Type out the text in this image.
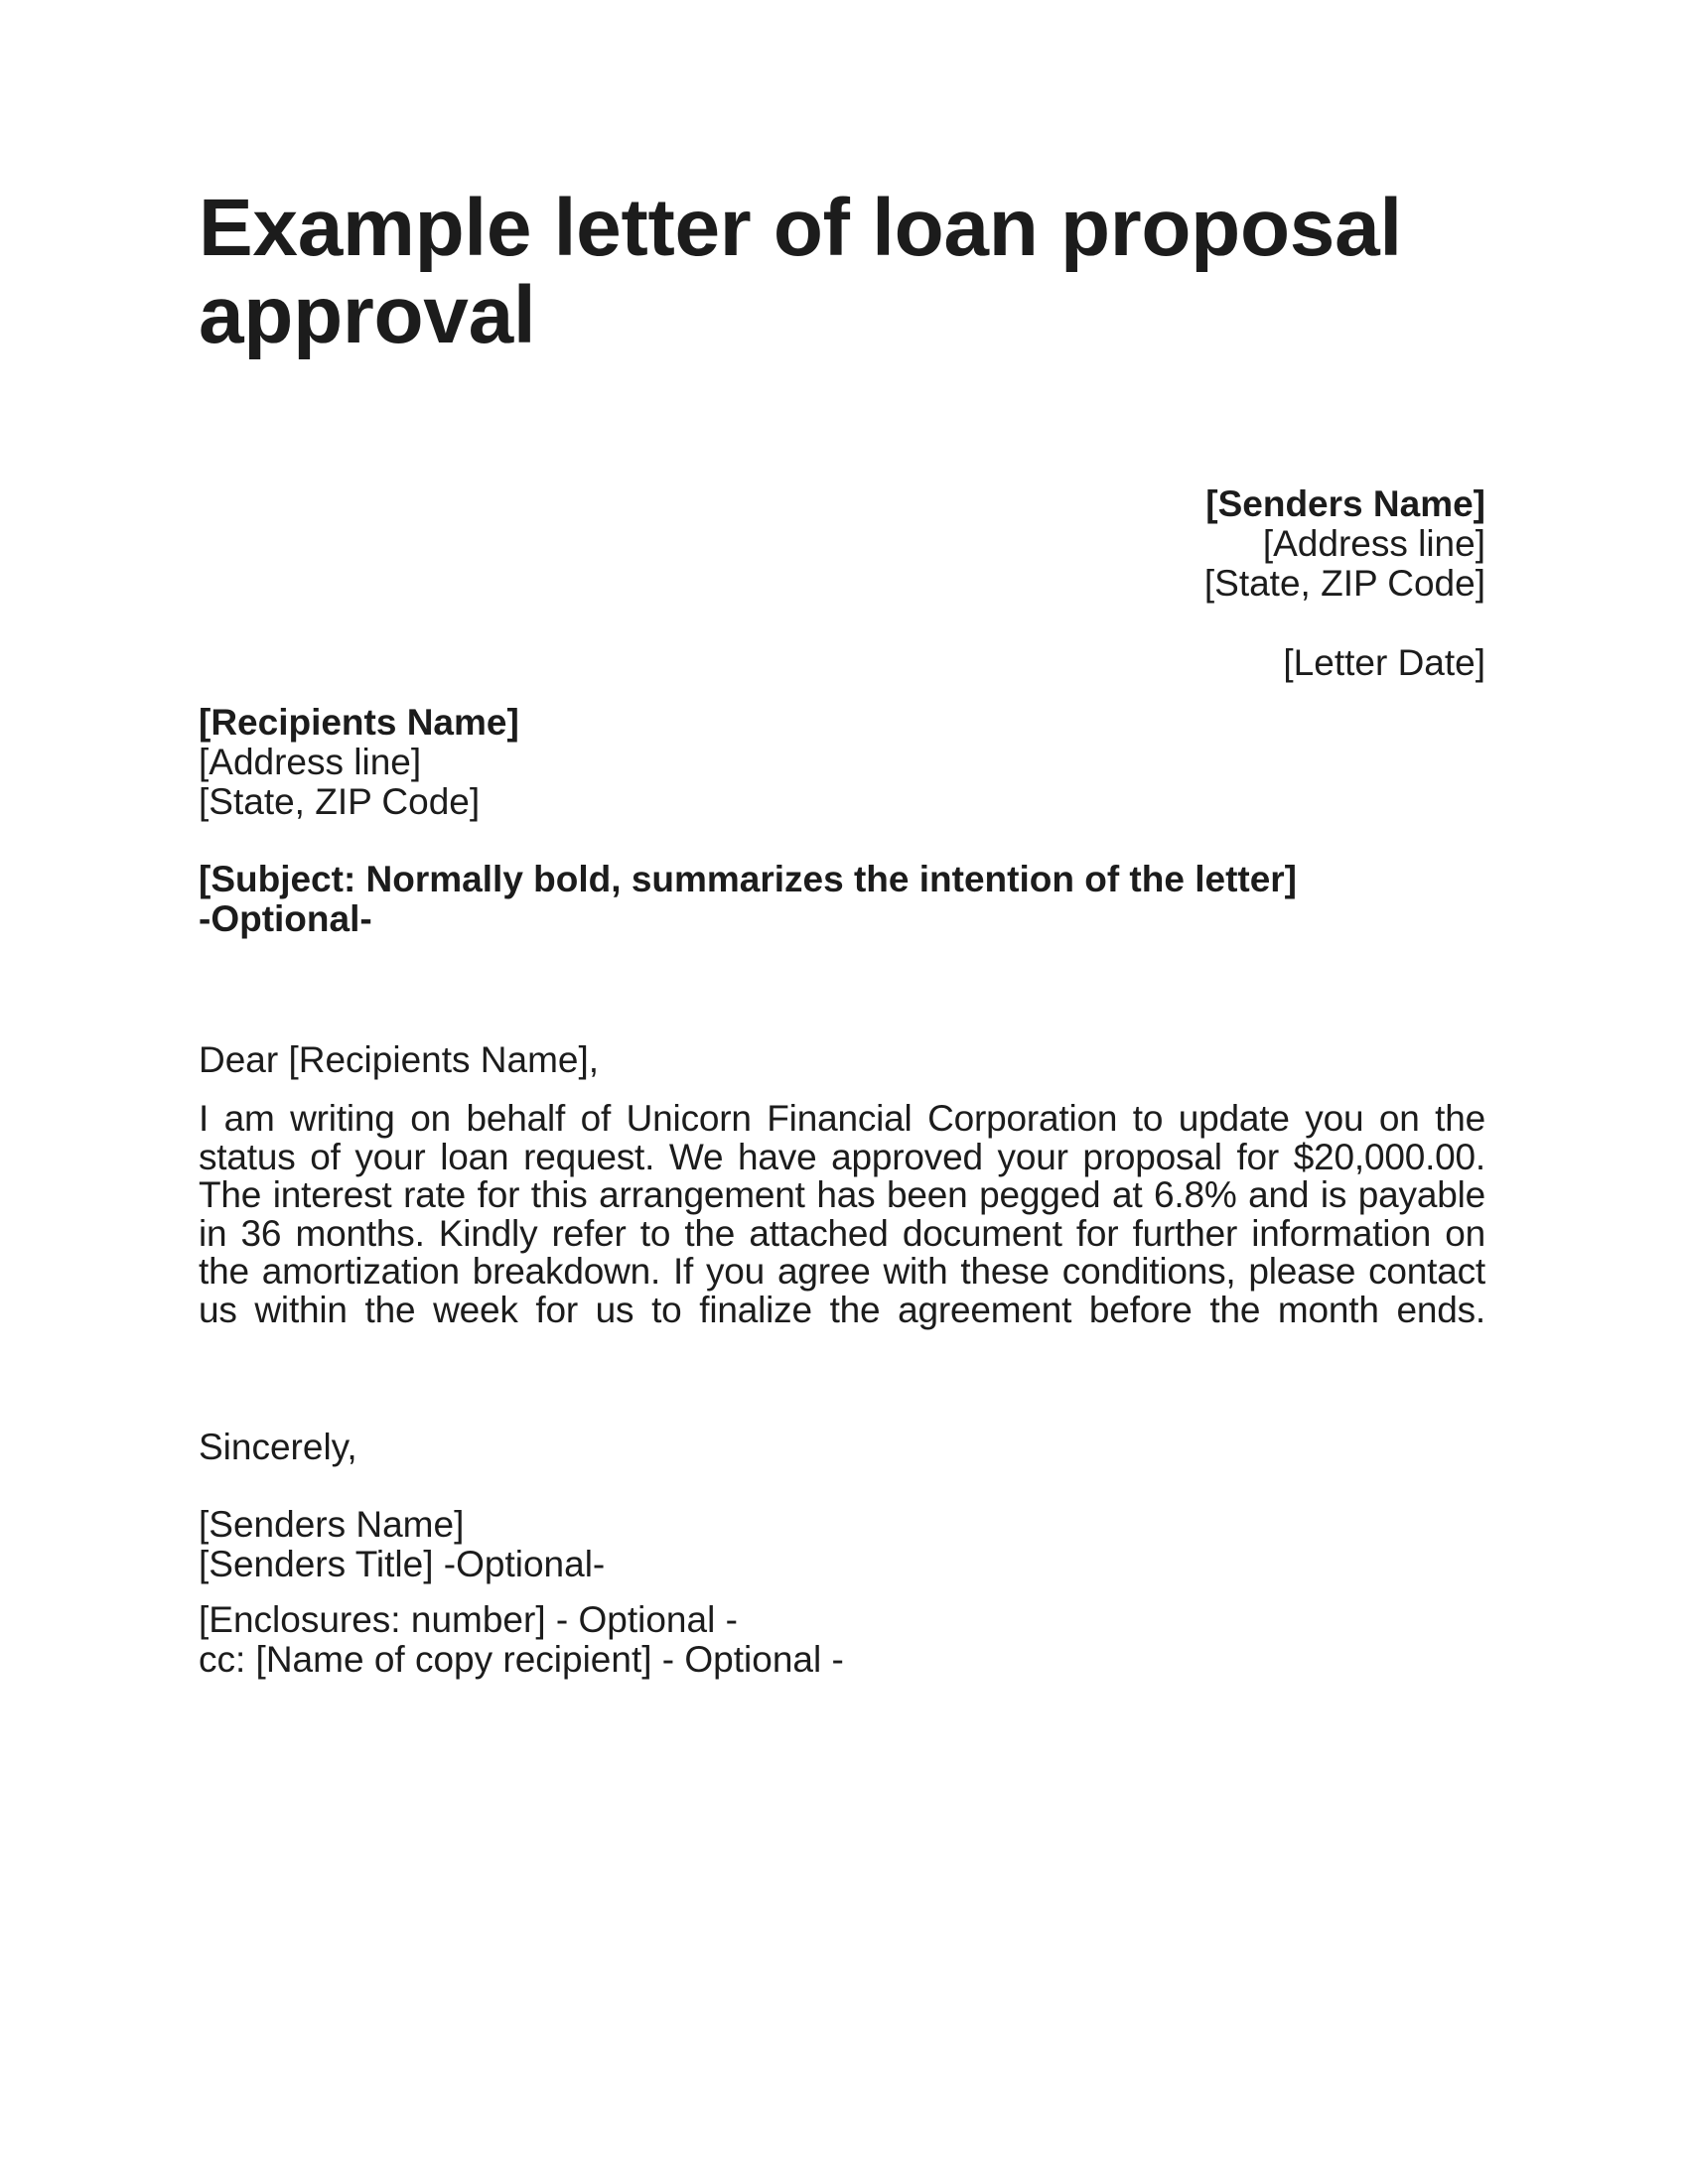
Example letter of loan proposal approval
[Senders Name]
[Address line]
[State, ZIP Code]
[Letter Date]
[Recipients Name]
[Address line]
[State, ZIP Code]
[Subject: Normally bold, summarizes the intention of the letter]
-Optional-
Dear [Recipients Name],
I am writing on behalf of Unicorn Financial Corporation to update you on the status of your loan request. We have approved your proposal for $20,000.00. The interest rate for this arrangement has been pegged at 6.8% and is payable in 36 months. Kindly refer to the attached document for further information on the amortization breakdown. If you agree with these conditions, please contact us within the week for us to finalize the agreement before the month ends.
Sincerely,
[Senders Name]
[Senders Title] -Optional-
[Enclosures: number] - Optional -
cc: [Name of copy recipient] - Optional -
